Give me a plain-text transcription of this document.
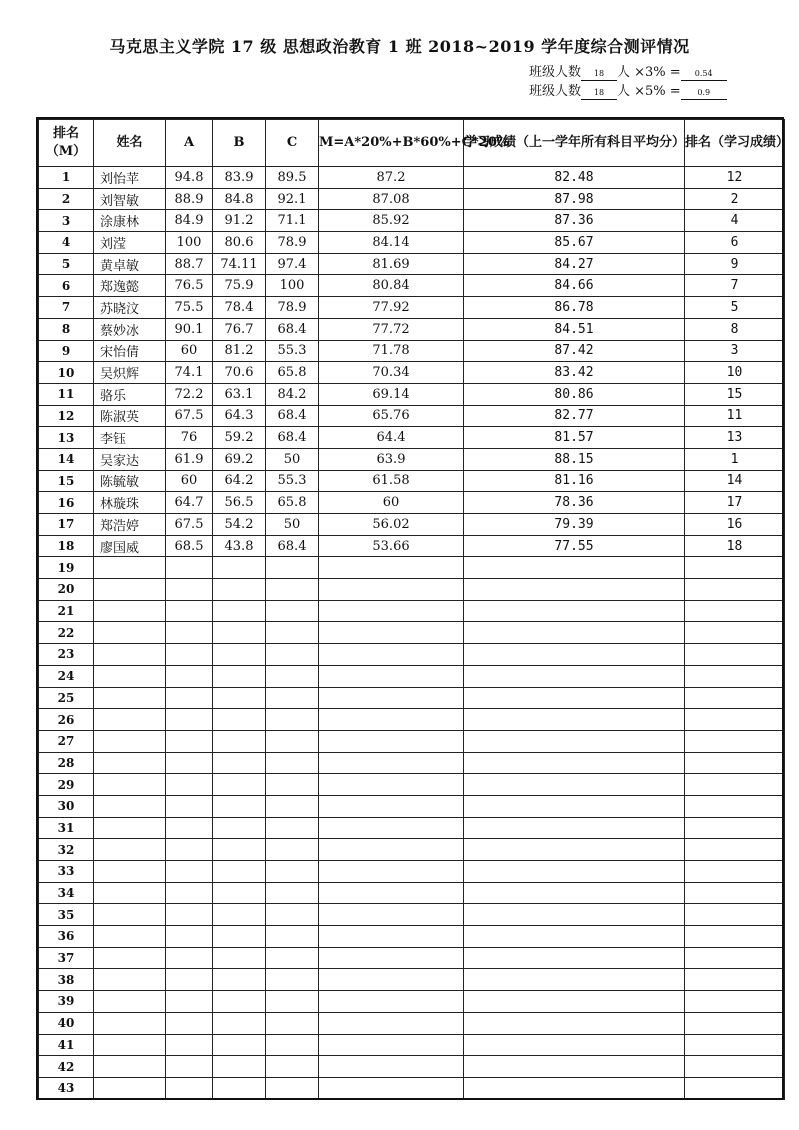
马克思主义学院 17 级 思想政治教育 1 班 2018~2019 学年度综合测评情况
班级人数 18 人 ×3% = 0.54
班级人数 18 人 ×5% = 0.9
排名（M）	姓名	A	B	C	M=A*20%+B*60%+C*20%	学习成绩（上一学年所有科目平均分）	排名（学习成绩）
1	刘怡苹	94.8	83.9	89.5	87.2	82.48	12
2	刘智敏	88.9	84.8	92.1	87.08	87.98	2
3	涂康林	84.9	91.2	71.1	85.92	87.36	4
4	刘滢	100	80.6	78.9	84.14	85.67	6
5	黄卓敏	88.7	74.11	97.4	81.69	84.27	9
6	郑逸懿	76.5	75.9	100	80.84	84.66	7
7	苏晓汶	75.5	78.4	78.9	77.92	86.78	5
8	蔡妙冰	90.1	76.7	68.4	77.72	84.51	8
9	宋怡倩	60	81.2	55.3	71.78	87.42	3
10	吴炽辉	74.1	70.6	65.8	70.34	83.42	10
11	骆乐	72.2	63.1	84.2	69.14	80.86	15
12	陈淑英	67.5	64.3	68.4	65.76	82.77	11
13	李钰	76	59.2	68.4	64.4	81.57	13
14	吴家达	61.9	69.2	50	63.9	88.15	1
15	陈毓敏	60	64.2	55.3	61.58	81.16	14
16	林璇珠	64.7	56.5	65.8	60	78.36	17
17	郑浩婷	67.5	54.2	50	56.02	79.39	16
18	廖国威	68.5	43.8	68.4	53.66	77.55	18
19							
20							
21							
22							
23							
24							
25							
26							
27							
28							
29							
30							
31							
32							
33							
34							
35							
36							
37							
38							
39							
40							
41							
42							
43							
